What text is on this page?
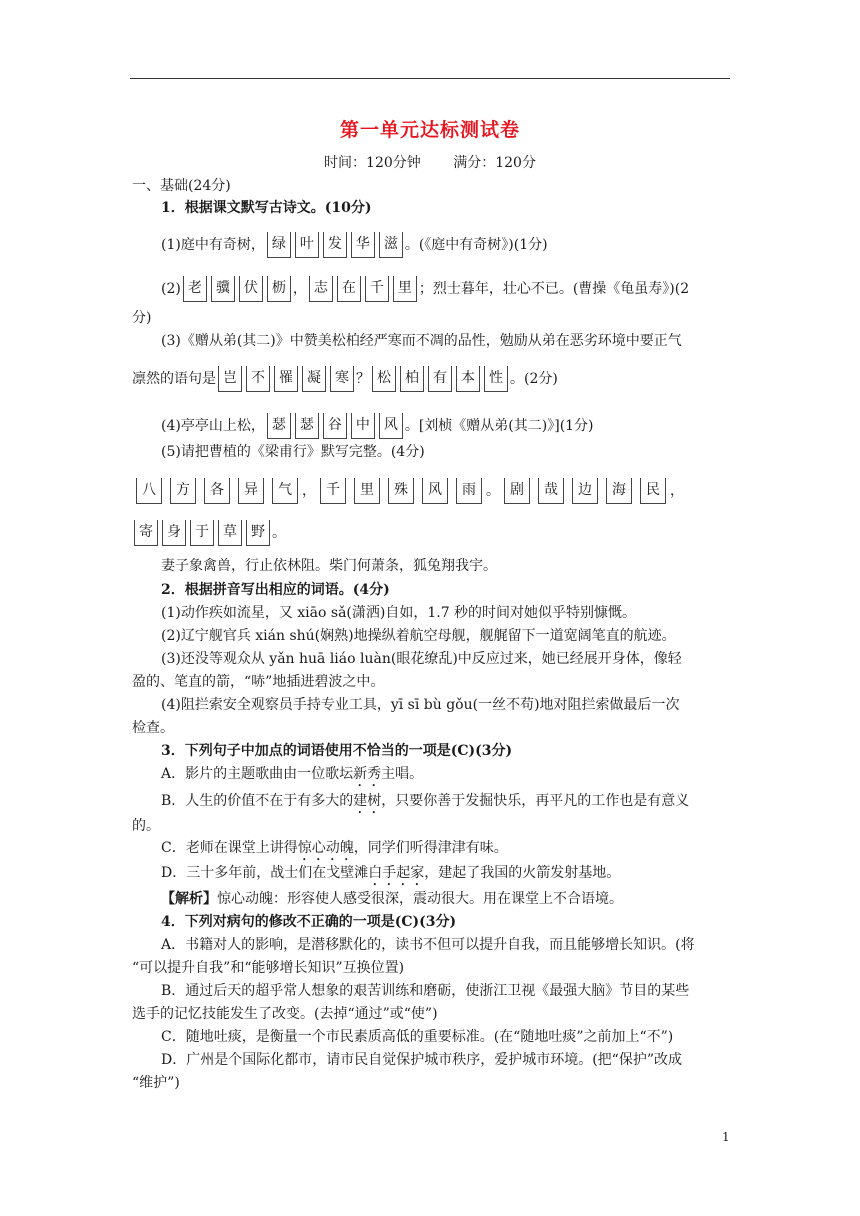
第一单元达标测试卷
时间：120分钟 满分：120分
一、基础(24分)
1．根据课文默写古诗文。(10分)
(1)庭中有奇树， 绿 叶 发 华 滋 。(《庭中有奇树》)(1分)
(2) 老 骥 伏 枥 ， 志 在 千 里 ；烈士暮年，壮心不已。(曹操《龟虽寿》)(2
分)
(3)《赠从弟(其二)》中赞美松柏经严寒而不凋的品性，勉励从弟在恶劣环境中要正气
凛然的语句是 岂 不 罹 凝 寒 ？ 松 柏 有 本 性 。(2分)
(4)亭亭山上松， 瑟 瑟 谷 中 风 。[刘桢《赠从弟(其二)》](1分)
(5)请把曹植的《梁甫行》默写完整。(4分)
八 方 各 异 气 ， 千 里 殊 风 雨 。 剧 哉 边 海 民 ，
寄 身 于 草 野 。
妻子象禽兽，行止依林阻。柴门何萧条，狐兔翔我宇。
2．根据拼音写出相应的词语。(4分)
(1)动作疾如流星，又 xiāo sǎ(潇洒)自如，1.7 秒的时间对她似乎特别慷慨。
(2)辽宁舰官兵 xián shú(娴熟)地操纵着航空母舰，舰艉留下一道宽阔笔直的航迹。
(3)还没等观众从 yǎn huā liáo luàn(眼花缭乱)中反应过来，她已经展开身体，像轻
盈的、笔直的箭，“哧”地插进碧波之中。
(4)阻拦索安全观察员手持专业工具，yī sī bù gǒu(一丝不苟)地对阻拦索做最后一次
检查。
3．下列句子中加点的词语使用不恰当的一项是(C)(3分)
A．影片的主题歌曲由一位歌坛新秀主唱。
B．人生的价值不在于有多大的建树，只要你善于发掘快乐，再平凡的工作也是有意义
的。
C．老师在课堂上讲得惊心动魄，同学们听得津津有味。
D．三十多年前，战士们在戈壁滩白手起家，建起了我国的火箭发射基地。
【解析】惊心动魄：形容使人感受很深，震动很大。用在课堂上不合语境。
4．下列对病句的修改不正确的一项是(C)(3分)
A．书籍对人的影响，是潜移默化的，读书不但可以提升自我，而且能够增长知识。(将
“可以提升自我”和“能够增长知识”互换位置)
B．通过后天的超乎常人想象的艰苦训练和磨砺，使浙江卫视《最强大脑》节目的某些
选手的记忆技能发生了改变。(去掉“通过”或“使”)
C．随地吐痰，是衡量一个市民素质高低的重要标准。(在“随地吐痰”之前加上“不”)
D．广州是个国际化都市，请市民自觉保护城市秩序，爱护城市环境。(把“保护”改成
“维护”)
1
